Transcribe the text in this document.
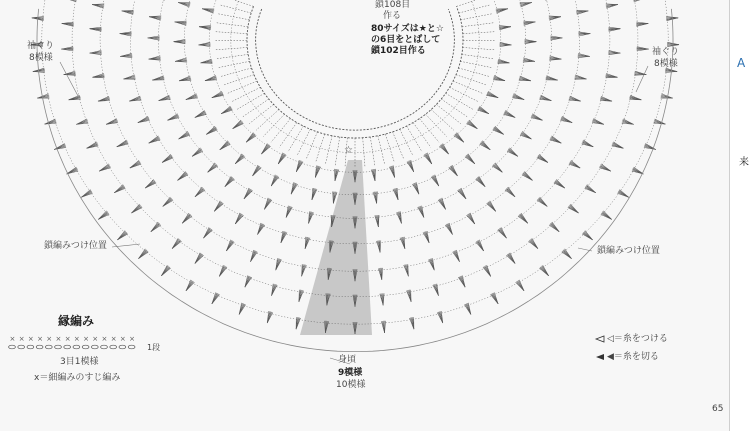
鎖108目
作る
80サイズは★と☆
の6目をとばして
鎖102目作る
袖ぐり
8模様
袖ぐり
8模様
鎖編みつけ位置	鎖編みつけ位置
☆
身頃
9模様
10模様
縁編み
× × × × × × × × × × × × × ×
1段
3目1模様
x＝細編みのすじ編み
◁＝糸をつける
◀＝糸を切る
65
A
来
